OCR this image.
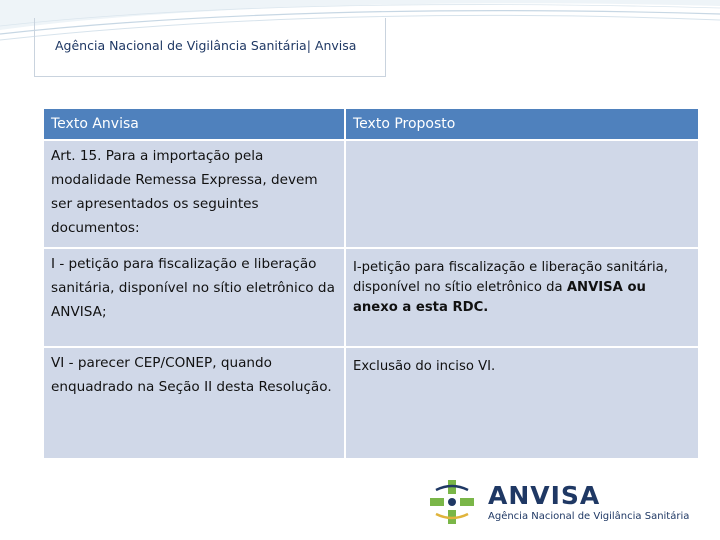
Agência Nacional de Vigilância Sanitária| Anvisa
Texto Anvisa	Texto Proposto
Art. 15. Para a importação pela modalidade Remessa Expressa, devem ser apresentados os seguintes documentos:	
I - petição para fiscalização e liberação sanitária, disponível no sítio eletrônico da ANVISA;	I-petição para fiscalização e liberação sanitária, disponível no sítio eletrônico da ANVISA ou anexo a esta RDC.
VI - parecer CEP/CONEP, quando enquadrado na Seção II desta Resolução.	Exclusão do inciso VI.
ANVISA
Agência Nacional de Vigilância Sanitária
